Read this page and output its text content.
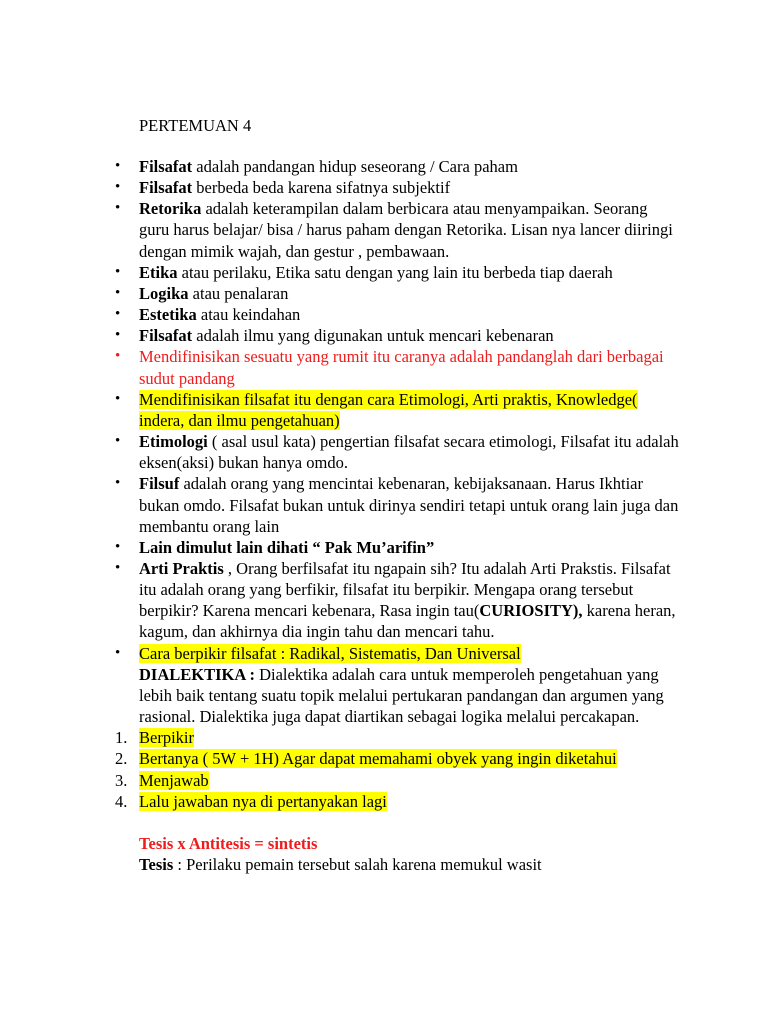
PERTEMUAN 4
• Filsafat adalah pandangan hidup seseorang / Cara paham
• Filsafat berbeda beda karena sifatnya subjektif
• Retorika adalah keterampilan dalam berbicara atau menyampaikan. Seorang guru harus belajar/ bisa / harus paham dengan Retorika. Lisan nya lancer diiringi dengan mimik wajah, dan gestur , pembawaan.
• Etika atau perilaku, Etika satu dengan yang lain itu berbeda tiap daerah
• Logika atau penalaran
• Estetika atau keindahan
• Filsafat adalah ilmu yang digunakan untuk mencari kebenaran
• Mendifinisikan sesuatu yang rumit itu caranya adalah pandanglah dari berbagai sudut pandang
• Mendifinisikan filsafat itu dengan cara Etimologi, Arti praktis, Knowledge( indera, dan ilmu pengetahuan)
• Etimologi ( asal usul kata) pengertian filsafat secara etimologi, Filsafat itu adalah eksen(aksi) bukan hanya omdo.
• Filsuf adalah orang yang mencintai kebenaran, kebijaksanaan. Harus Ikhtiar bukan omdo. Filsafat bukan untuk dirinya sendiri tetapi untuk orang lain juga dan membantu orang lain
• Lain dimulut lain dihati “ Pak Mu’arifin”
• Arti Praktis , Orang berfilsafat itu ngapain sih? Itu adalah Arti Prakstis. Filsafat itu adalah orang yang berfikir, filsafat itu berpikir. Mengapa orang tersebut berpikir? Karena mencari kebenara, Rasa ingin tau(CURIOSITY), karena heran, kagum, dan akhirnya dia ingin tahu dan mencari tahu.
• Cara berpikir filsafat : Radikal, Sistematis, Dan Universal
DIALEKTIKA : Dialektika adalah cara untuk memperoleh pengetahuan yang lebih baik tentang suatu topik melalui pertukaran pandangan dan argumen yang rasional. Dialektika juga dapat diartikan sebagai logika melalui percakapan.
1. Berpikir
2. Bertanya ( 5W + 1H) Agar dapat memahami obyek yang ingin diketahui
3. Menjawab
4. Lalu jawaban nya di pertanyakan lagi
Tesis x Antitesis = sintetis
Tesis : Perilaku pemain tersebut salah karena memukul wasit
